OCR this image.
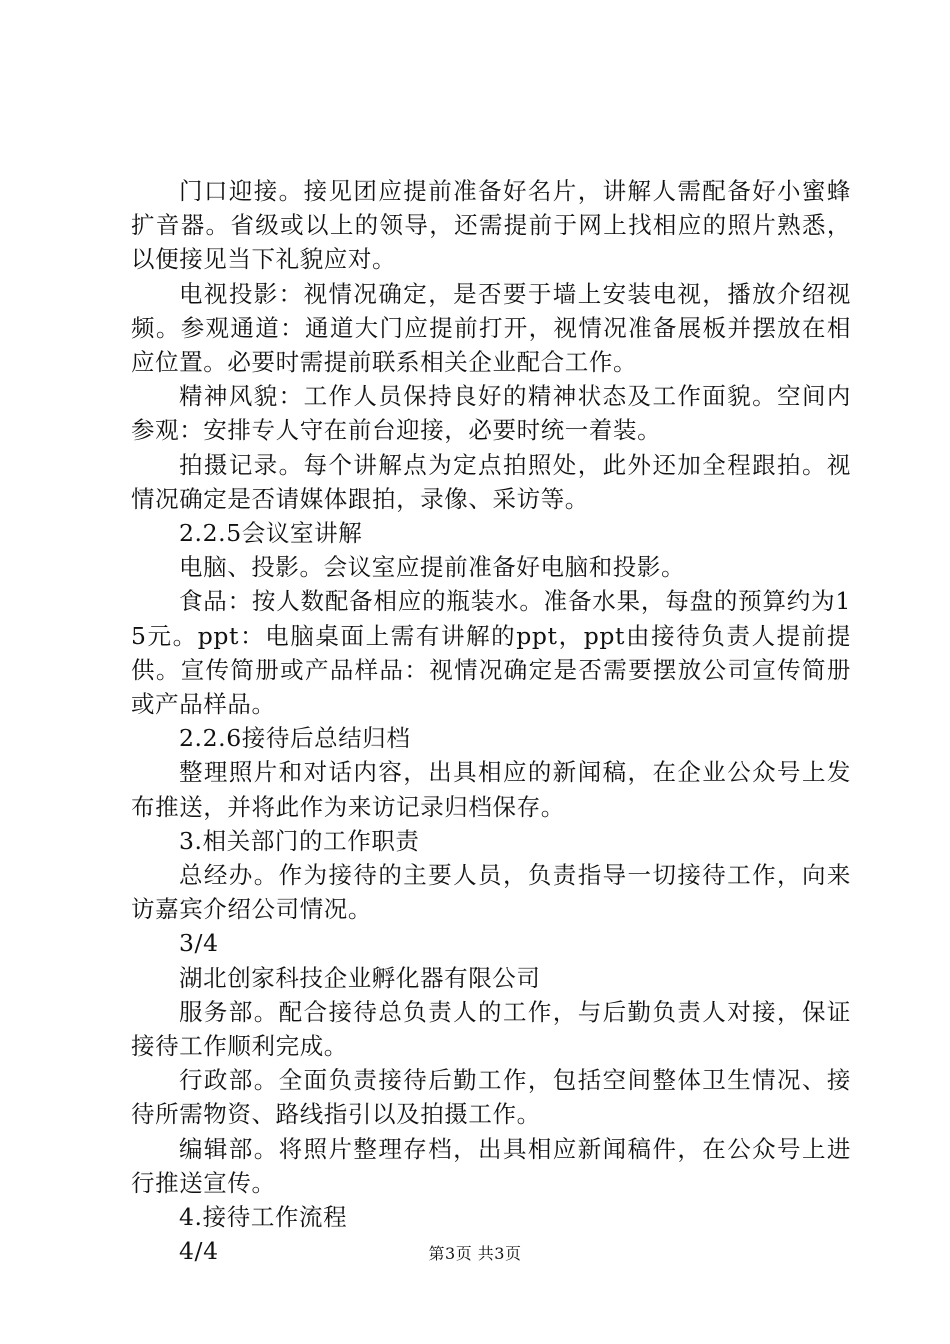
门口迎接。接见团应提前准备好名片，讲解人需配备好小蜜蜂扩音器。省级或以上的领导，还需提前于网上找相应的照片熟悉，以便接见当下礼貌应对。

电视投影：视情况确定，是否要于墙上安装电视，播放介绍视频。参观通道：通道大门应提前打开，视情况准备展板并摆放在相应位置。必要时需提前联系相关企业配合工作。

精神风貌：工作人员保持良好的精神状态及工作面貌。空间内参观：安排专人守在前台迎接，必要时统一着装。

拍摄记录。每个讲解点为定点拍照处，此外还加全程跟拍。视情况确定是否请媒体跟拍，录像、采访等。

2.2.5会议室讲解

电脑、投影。会议室应提前准备好电脑和投影。

食品：按人数配备相应的瓶装水。准备水果，每盘的预算约为15元。ppt：电脑桌面上需有讲解的ppt，ppt由接待负责人提前提供。宣传简册或产品样品：视情况确定是否需要摆放公司宣传简册或产品样品。

2.2.6接待后总结归档

整理照片和对话内容，出具相应的新闻稿，在企业公众号上发布推送，并将此作为来访记录归档保存。

3.相关部门的工作职责

总经办。作为接待的主要人员，负责指导一切接待工作，向来访嘉宾介绍公司情况。

3/4

湖北创家科技企业孵化器有限公司

服务部。配合接待总负责人的工作，与后勤负责人对接，保证接待工作顺利完成。

行政部。全面负责接待后勤工作，包括空间整体卫生情况、接待所需物资、路线指引以及拍摄工作。

编辑部。将照片整理存档，出具相应新闻稿件，在公众号上进行推送宣传。

4.接待工作流程

4/4	第3页 共3页
